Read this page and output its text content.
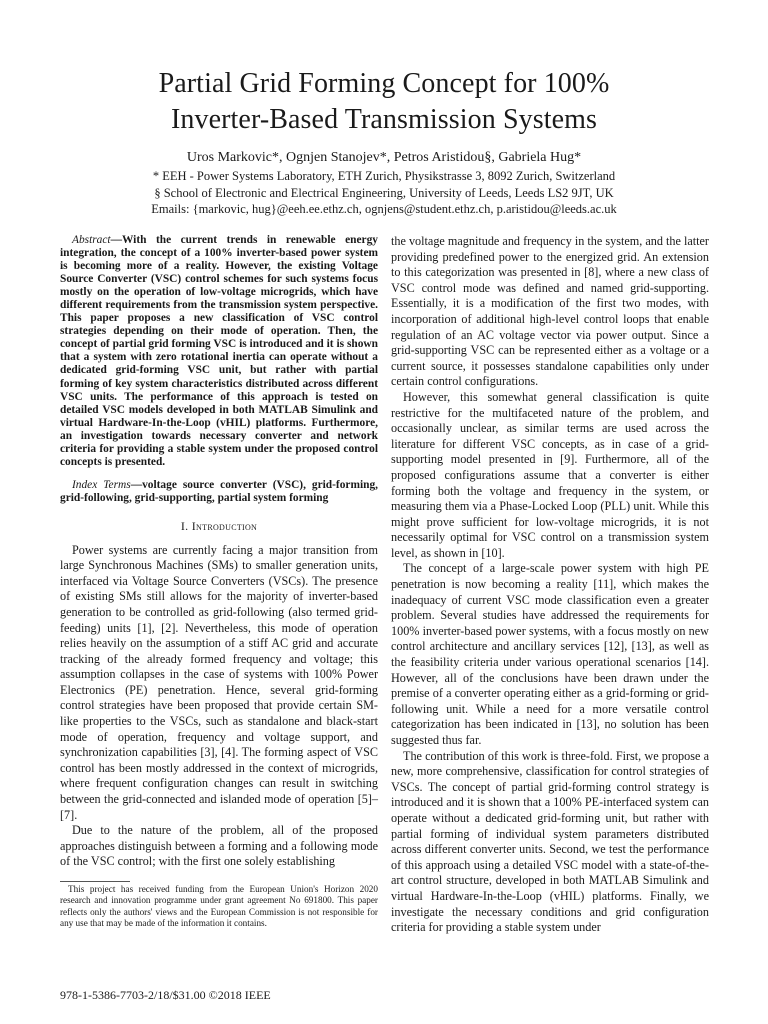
Partial Grid Forming Concept for 100%
Inverter-Based Transmission Systems
Uros Markovic*, Ognjen Stanojev*, Petros Aristidou§, Gabriela Hug*
* EEH - Power Systems Laboratory, ETH Zurich, Physikstrasse 3, 8092 Zurich, Switzerland
§ School of Electronic and Electrical Engineering, University of Leeds, Leeds LS2 9JT, UK
Emails: {markovic, hug}@eeh.ee.ethz.ch, ognjens@student.ethz.ch, p.aristidou@leeds.ac.uk

Abstract—With the current trends in renewable energy integration, the concept of a 100% inverter-based power system is becoming more of a reality. However, the existing Voltage Source Converter (VSC) control schemes for such systems focus mostly on the operation of low-voltage microgrids, which have different requirements from the transmission system perspective. This paper proposes a new classification of VSC control strategies depending on their mode of operation. Then, the concept of partial grid forming VSC is introduced and it is shown that a system with zero rotational inertia can operate without a dedicated grid-forming VSC unit, but rather with partial forming of key system characteristics distributed across different VSC units. The performance of this approach is tested on detailed VSC models developed in both MATLAB Simulink and virtual Hardware-In-the-Loop (vHIL) platforms. Furthermore, an investigation towards necessary converter and network criteria for providing a stable system under the proposed control concepts is presented.

Index Terms—voltage source converter (VSC), grid-forming, grid-following, grid-supporting, partial system forming

I. Introduction

Power systems are currently facing a major transition from large Synchronous Machines (SMs) to smaller generation units, interfaced via Voltage Source Converters (VSCs). The presence of existing SMs still allows for the majority of inverter-based generation to be controlled as grid-following (also termed grid-feeding) units [1], [2]. Nevertheless, this mode of operation relies heavily on the assumption of a stiff AC grid and accurate tracking of the already formed frequency and voltage; this assumption collapses in the case of systems with 100% Power Electronics (PE) penetration. Hence, several grid-forming control strategies have been proposed that provide certain SM-like properties to the VSCs, such as standalone and black-start mode of operation, frequency and voltage support, and synchronization capabilities [3], [4]. The forming aspect of VSC control has been mostly addressed in the context of microgrids, where frequent configuration changes can result in switching between the grid-connected and islanded mode of operation [5]–[7].

Due to the nature of the problem, all of the proposed approaches distinguish between a forming and a following mode of the VSC control; with the first one solely establishing

the voltage magnitude and frequency in the system, and the latter providing predefined power to the energized grid. An extension to this categorization was presented in [8], where a new class of VSC control mode was defined and named grid-supporting. Essentially, it is a modification of the first two modes, with incorporation of additional high-level control loops that enable regulation of an AC voltage vector via power output. Since a grid-supporting VSC can be represented either as a voltage or a current source, it possesses standalone capabilities only under certain control configurations.

However, this somewhat general classification is quite restrictive for the multifaceted nature of the problem, and occasionally unclear, as similar terms are used across the literature for different VSC concepts, as in case of a grid-supporting model presented in [9]. Furthermore, all of the proposed configurations assume that a converter is either forming both the voltage and frequency in the system, or measuring them via a Phase-Locked Loop (PLL) unit. While this might prove sufficient for low-voltage microgrids, it is not necessarily optimal for VSC control on a transmission system level, as shown in [10].

The concept of a large-scale power system with high PE penetration is now becoming a reality [11], which makes the inadequacy of current VSC mode classification even a greater problem. Several studies have addressed the requirements for 100% inverter-based power systems, with a focus mostly on new control architecture and ancillary services [12], [13], as well as the feasibility criteria under various operational scenarios [14]. However, all of the conclusions have been drawn under the premise of a converter operating either as a grid-forming or grid-following unit. While a need for a more versatile control categorization has been indicated in [13], no solution has been suggested thus far.

The contribution of this work is three-fold. First, we propose a new, more comprehensive, classification for control strategies of VSCs. The concept of partial grid-forming control strategy is introduced and it is shown that a 100% PE-interfaced system can operate without a dedicated grid-forming unit, but rather with partial forming of individual system parameters distributed across different converter units. Second, we test the performance of this approach using a detailed VSC model with a state-of-the-art control structure, developed in both MATLAB Simulink and virtual Hardware-In-the-Loop (vHIL) platforms. Finally, we investigate the necessary conditions and grid configuration criteria for providing a stable system under

This project has received funding from the European Union's Horizon 2020 research and innovation programme under grant agreement No 691800. This paper reflects only the authors' views and the European Commission is not responsible for any use that may be made of the information it contains.
978-1-5386-7703-2/18/$31.00 ©2018 IEEE
